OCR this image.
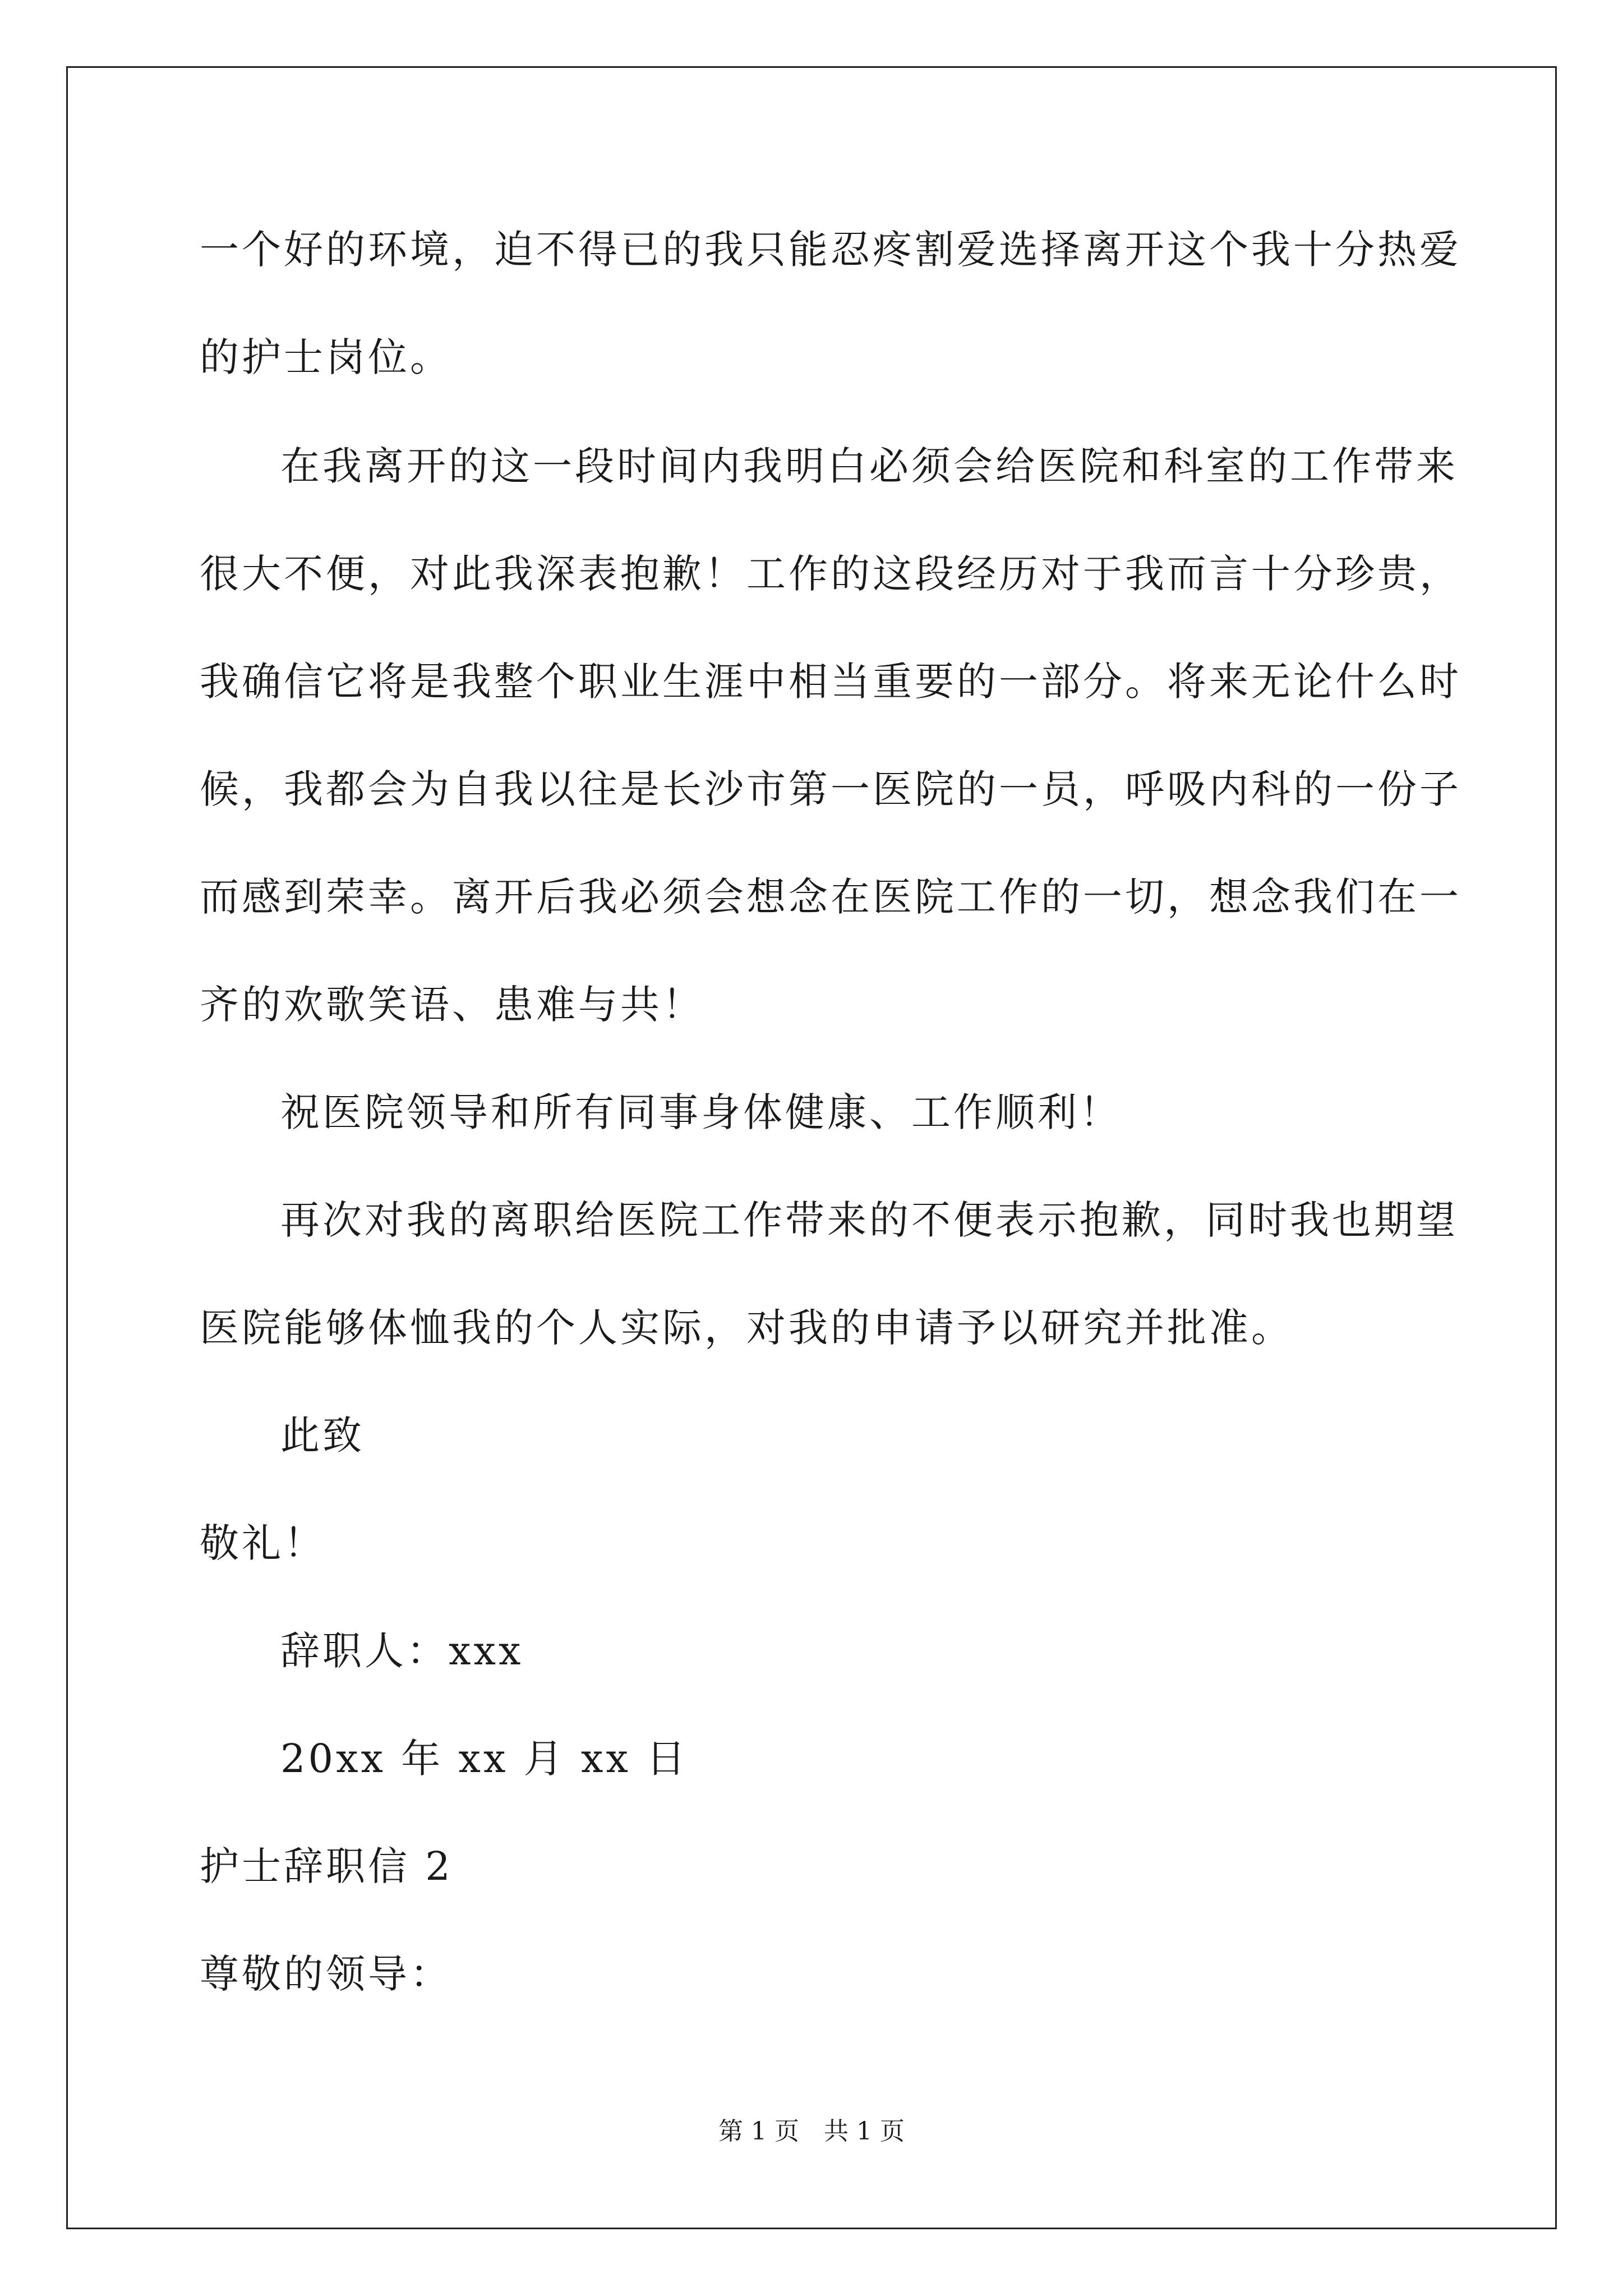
一个好的环境，迫不得已的我只能忍疼割爱选择离开这个我十分热爱

的护士岗位。

在我离开的这一段时间内我明白必须会给医院和科室的工作带来

很大不便，对此我深表抱歉！工作的这段经历对于我而言十分珍贵，

我确信它将是我整个职业生涯中相当重要的一部分。将来无论什么时

候，我都会为自我以往是长沙市第一医院的一员，呼吸内科的一份子

而感到荣幸。离开后我必须会想念在医院工作的一切，想念我们在一

齐的欢歌笑语、患难与共！

祝医院领导和所有同事身体健康、工作顺利！

再次对我的离职给医院工作带来的不便表示抱歉，同时我也期望

医院能够体恤我的个人实际，对我的申请予以研究并批准。

此致

敬礼！

辞职人：xxx

20xx 年 xx 月 xx 日

护士辞职信 2

尊敬的领导：

第 1 页　共 1 页
